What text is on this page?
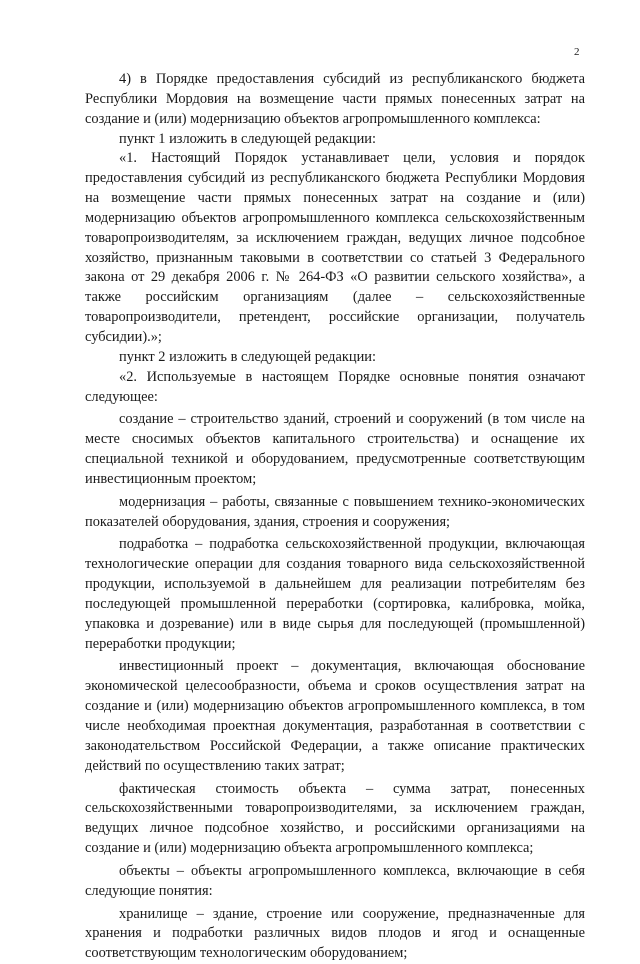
2

4) в Порядке предоставления субсидий из республиканского бюджета Республики Мордовия на возмещение части прямых понесенных затрат на создание и (или) модернизацию объектов агропромышленного комплекса:

пункт 1 изложить в следующей редакции:

«1. Настоящий Порядок устанавливает цели, условия и порядок предоставления субсидий из республиканского бюджета Республики Мордовия на возмещение части прямых понесенных затрат на создание и (или) модернизацию объектов агропромышленного комплекса сельскохозяйственным товаропроизводителям, за исключением граждан, ведущих личное подсобное хозяйство, признанным таковыми в соответствии со статьей 3 Федерального закона от 29 декабря 2006 г. № 264-ФЗ «О развитии сельского хозяйства», а также российским организациям (далее – сельскохозяйственные товаропроизводители, претендент, российские организации, получатель субсидии).»;

пункт 2 изложить в следующей редакции:

«2. Используемые в настоящем Порядке основные понятия означают следующее:

создание – строительство зданий, строений и сооружений (в том числе на месте сносимых объектов капитального строительства) и оснащение их специальной техникой и оборудованием, предусмотренные соответствующим инвестиционным проектом;

модернизация – работы, связанные с повышением технико-экономических показателей оборудования, здания, строения и сооружения;

подработка – подработка сельскохозяйственной продукции, включающая технологические операции для создания товарного вида сельскохозяйственной продукции, используемой в дальнейшем для реализации потребителям без последующей промышленной переработки (сортировка, калибровка, мойка, упаковка и дозревание) или в виде сырья для последующей (промышленной) переработки продукции;

инвестиционный проект – документация, включающая обоснование экономической целесообразности, объема и сроков осуществления затрат на создание и (или) модернизацию объектов агропромышленного комплекса, в том числе необходимая проектная документация, разработанная в соответствии с законодательством Российской Федерации, а также описание практических действий по осуществлению таких затрат;

фактическая стоимость объекта – сумма затрат, понесенных сельскохозяйственными товаропроизводителями, за исключением граждан, ведущих личное подсобное хозяйство, и российскими организациями на создание и (или) модернизацию объекта агропромышленного комплекса;

объекты – объекты агропромышленного комплекса, включающие в себя следующие понятия:

хранилище – здание, строение или сооружение, предназначенные для хранения и подработки различных видов плодов и ягод и оснащенные соответствующим технологическим оборудованием;
